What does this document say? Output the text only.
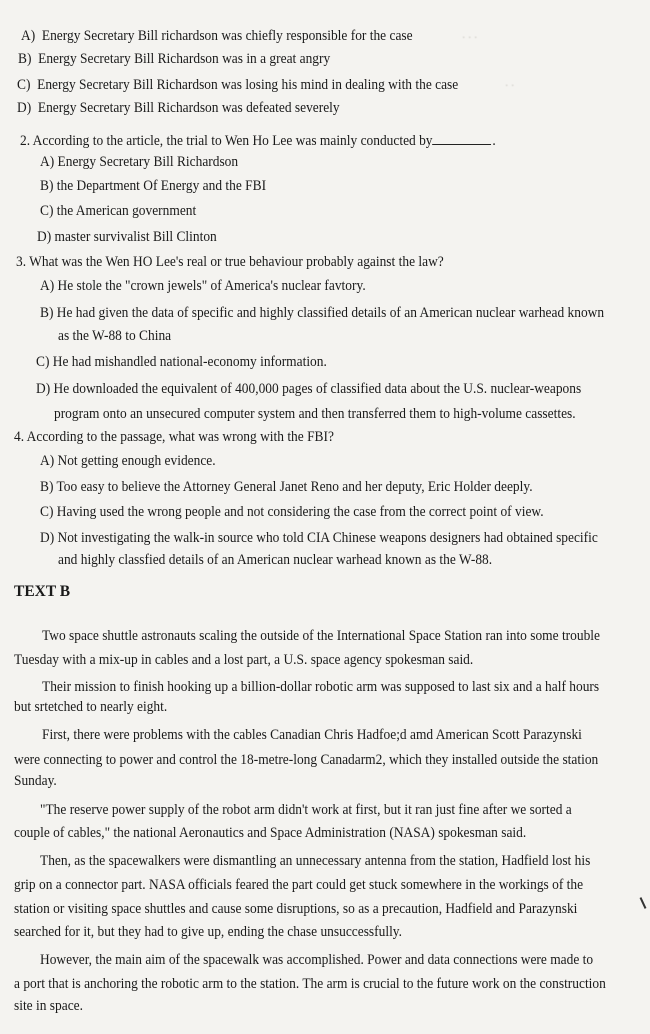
· · ·
· ·
A) Energy Secretary Bill richardson was chiefly responsible for the case
B) Energy Secretary Bill Richardson was in a great angry
C) Energy Secretary Bill Richardson was losing his mind in dealing with the case
D) Energy Secretary Bill Richardson was defeated severely
2. According to the article, the trial to Wen Ho Lee was mainly conducted by	.
A) Energy Secretary Bill Richardson
B) the Department Of Energy and the FBI
C) the American government
D) master survivalist Bill Clinton
3. What was the Wen HO Lee's real or true behaviour probably against the law?
A) He stole the "crown jewels" of America's nuclear favtory.
B) He had given the data of specific and highly classified details of an American nuclear warhead known
as the W-88 to China
C) He had mishandled national-economy information.
D) He downloaded the equivalent of 400,000 pages of classified data about the U.S. nuclear-weapons
program onto an unsecured computer system and then transferred them to high-volume cassettes.
4. According to the passage, what was wrong with the FBI?
A) Not getting enough evidence.
B) Too easy to believe the Attorney General Janet Reno and her deputy, Eric Holder deeply.
C) Having used the wrong people and not considering the case from the correct point of view.
D) Not investigating the walk-in source who told CIA Chinese weapons designers had obtained specific
and highly classfied details of an American nuclear warhead known as the W-88.
TEXT B
Two space shuttle astronauts scaling the outside of the International Space Station ran into some trouble
Tuesday with a mix-up in cables and a lost part, a U.S. space agency spokesman said.
Their mission to finish hooking up a billion-dollar robotic arm was supposed to last six and a half hours
but srtetched to nearly eight.
First, there were problems with the cables Canadian Chris Hadfoe;d amd American Scott Parazynski
were connecting to power and control the 18-metre-long Canadarm2, which they installed outside the station
Sunday.
"The reserve power supply of the robot arm didn't work at first, but it ran just fine after we sorted a
couple of cables," the national Aeronautics and Space Administration (NASA) spokesman said.
Then, as the spacewalkers were dismantling an unnecessary antenna from the station, Hadfield lost his
grip on a connector part. NASA officials feared the part could get stuck somewhere in the workings of the
station or visiting space shuttles and cause some disruptions, so as a precaution, Hadfield and Parazynski
searched for it, but they had to give up, ending the chase unsuccessfully.
However, the main aim of the spacewalk was accomplished. Power and data connections were made to
a port that is anchoring the robotic arm to the station. The arm is crucial to the future work on the construction
site in space.
